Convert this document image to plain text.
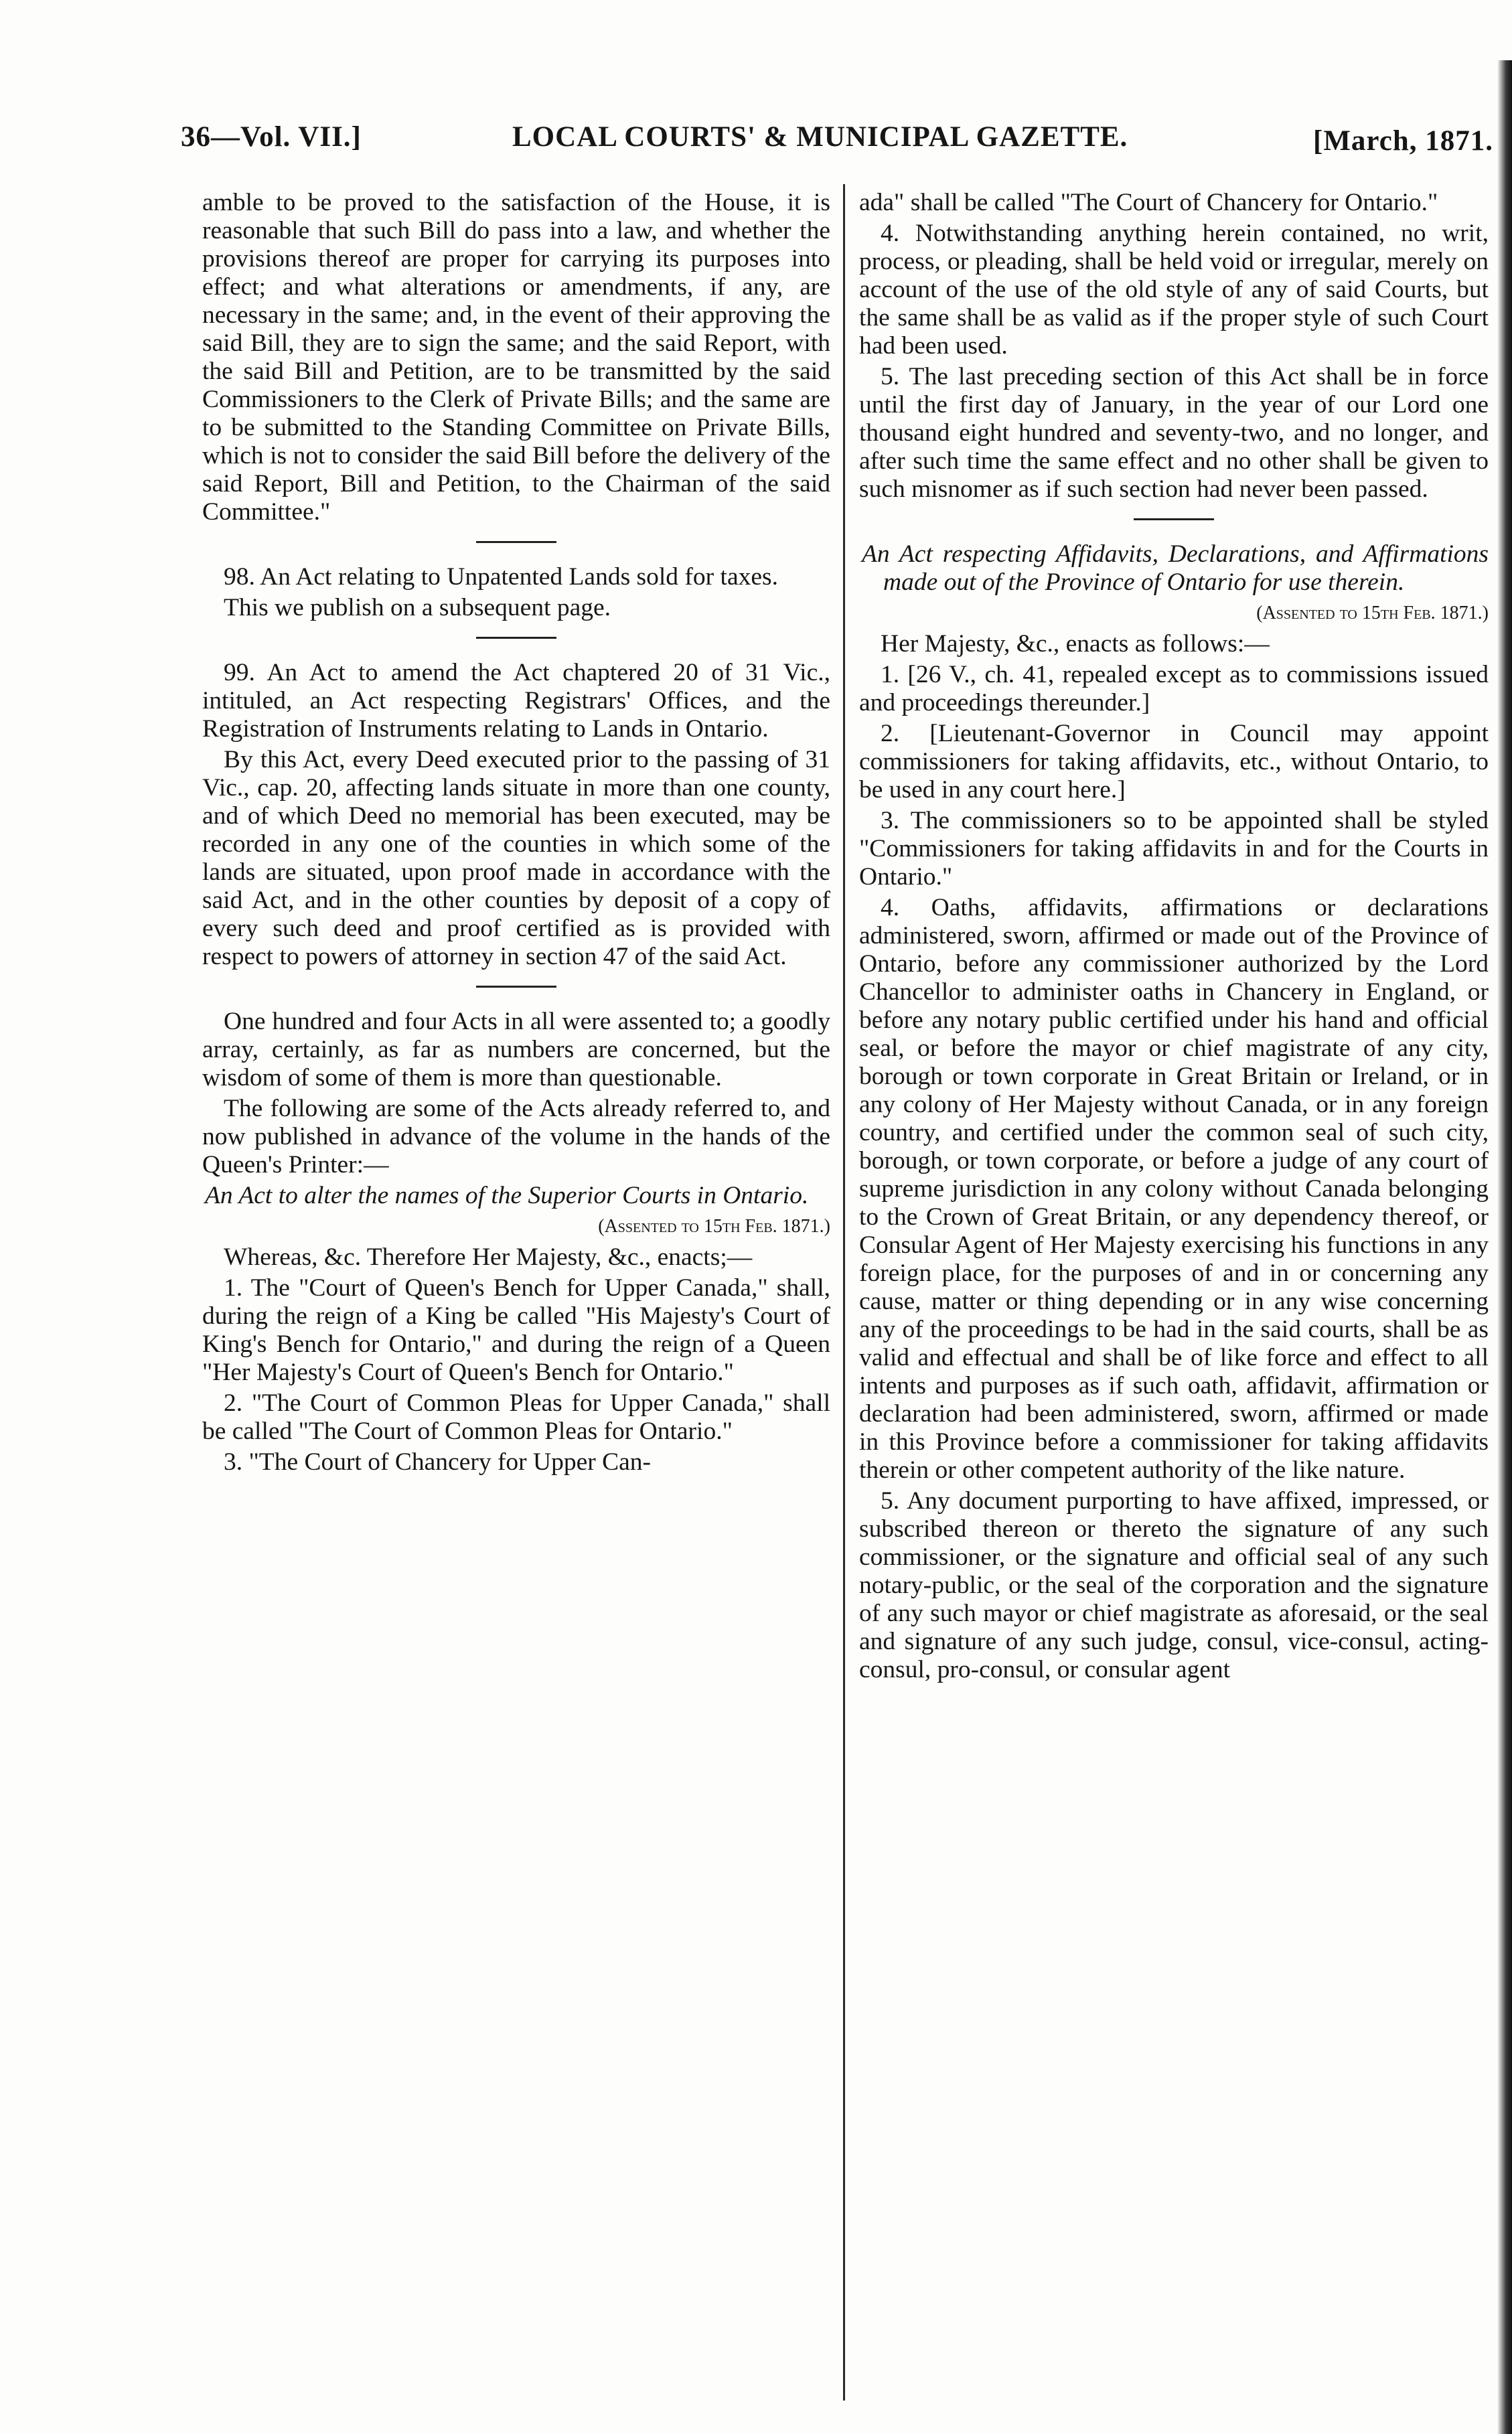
36—Vol. VII.]	LOCAL COURTS' & MUNICIPAL GAZETTE.	[March, 1871.

amble to be proved to the satisfaction of the House, it is reasonable that such Bill do pass into a law, and whether the provisions thereof are proper for carrying its purposes into effect; and what alterations or amendments, if any, are necessary in the same; and, in the event of their approving the said Bill, they are to sign the same; and the said Report, with the said Bill and Petition, are to be transmitted by the said Commissioners to the Clerk of Private Bills; and the same are to be submitted to the Standing Committee on Private Bills, which is not to consider the said Bill before the delivery of the said Report, Bill and Petition, to the Chairman of the said Committee."

98. An Act relating to Unpatented Lands sold for taxes.

This we publish on a subsequent page.

99. An Act to amend the Act chaptered 20 of 31 Vic., intituled, an Act respecting Registrars' Offices, and the Registration of Instruments relating to Lands in Ontario.

By this Act, every Deed executed prior to the passing of 31 Vic., cap. 20, affecting lands situate in more than one county, and of which Deed no memorial has been executed, may be recorded in any one of the counties in which some of the lands are situated, upon proof made in accordance with the said Act, and in the other counties by deposit of a copy of every such deed and proof certified as is provided with respect to powers of attorney in section 47 of the said Act.

One hundred and four Acts in all were assented to; a goodly array, certainly, as far as numbers are concerned, but the wisdom of some of them is more than questionable.

The following are some of the Acts already referred to, and now published in advance of the volume in the hands of the Queen's Printer:—

An Act to alter the names of the Superior Courts in Ontario.

(Assented to 15th Feb. 1871.)

Whereas, &c. Therefore Her Majesty, &c., enacts;—

1. The "Court of Queen's Bench for Upper Canada," shall, during the reign of a King be called "His Majesty's Court of King's Bench for Ontario," and during the reign of a Queen "Her Majesty's Court of Queen's Bench for Ontario."

2. "The Court of Common Pleas for Upper Canada," shall be called "The Court of Common Pleas for Ontario."

3. "The Court of Chancery for Upper Can-

ada" shall be called "The Court of Chancery for Ontario."

4. Notwithstanding anything herein contained, no writ, process, or pleading, shall be held void or irregular, merely on account of the use of the old style of any of said Courts, but the same shall be as valid as if the proper style of such Court had been used.

5. The last preceding section of this Act shall be in force until the first day of January, in the year of our Lord one thousand eight hundred and seventy-two, and no longer, and after such time the same effect and no other shall be given to such misnomer as if such section had never been passed.

An Act respecting Affidavits, Declarations, and Affirmations made out of the Province of Ontario for use therein.

(Assented to 15th Feb. 1871.)

Her Majesty, &c., enacts as follows:—

1. [26 V., ch. 41, repealed except as to commissions issued and proceedings thereunder.]

2. [Lieutenant-Governor in Council may appoint commissioners for taking affidavits, etc., without Ontario, to be used in any court here.]

3. The commissioners so to be appointed shall be styled "Commissioners for taking affidavits in and for the Courts in Ontario."

4. Oaths, affidavits, affirmations or declarations administered, sworn, affirmed or made out of the Province of Ontario, before any commissioner authorized by the Lord Chancellor to administer oaths in Chancery in England, or before any notary public certified under his hand and official seal, or before the mayor or chief magistrate of any city, borough or town corporate in Great Britain or Ireland, or in any colony of Her Majesty without Canada, or in any foreign country, and certified under the common seal of such city, borough, or town corporate, or before a judge of any court of supreme jurisdiction in any colony without Canada belonging to the Crown of Great Britain, or any dependency thereof, or Consular Agent of Her Majesty exercising his functions in any foreign place, for the purposes of and in or concerning any cause, matter or thing depending or in any wise concerning any of the proceedings to be had in the said courts, shall be as valid and effectual and shall be of like force and effect to all intents and purposes as if such oath, affidavit, affirmation or declaration had been administered, sworn, affirmed or made in this Province before a commissioner for taking affidavits therein or other competent authority of the like nature.

5. Any document purporting to have affixed, impressed, or subscribed thereon or thereto the signature of any such commissioner, or the signature and official seal of any such notary-public, or the seal of the corporation and the signature of any such mayor or chief magistrate as aforesaid, or the seal and signature of any such judge, consul, vice-consul, acting-consul, pro-consul, or consular agent
